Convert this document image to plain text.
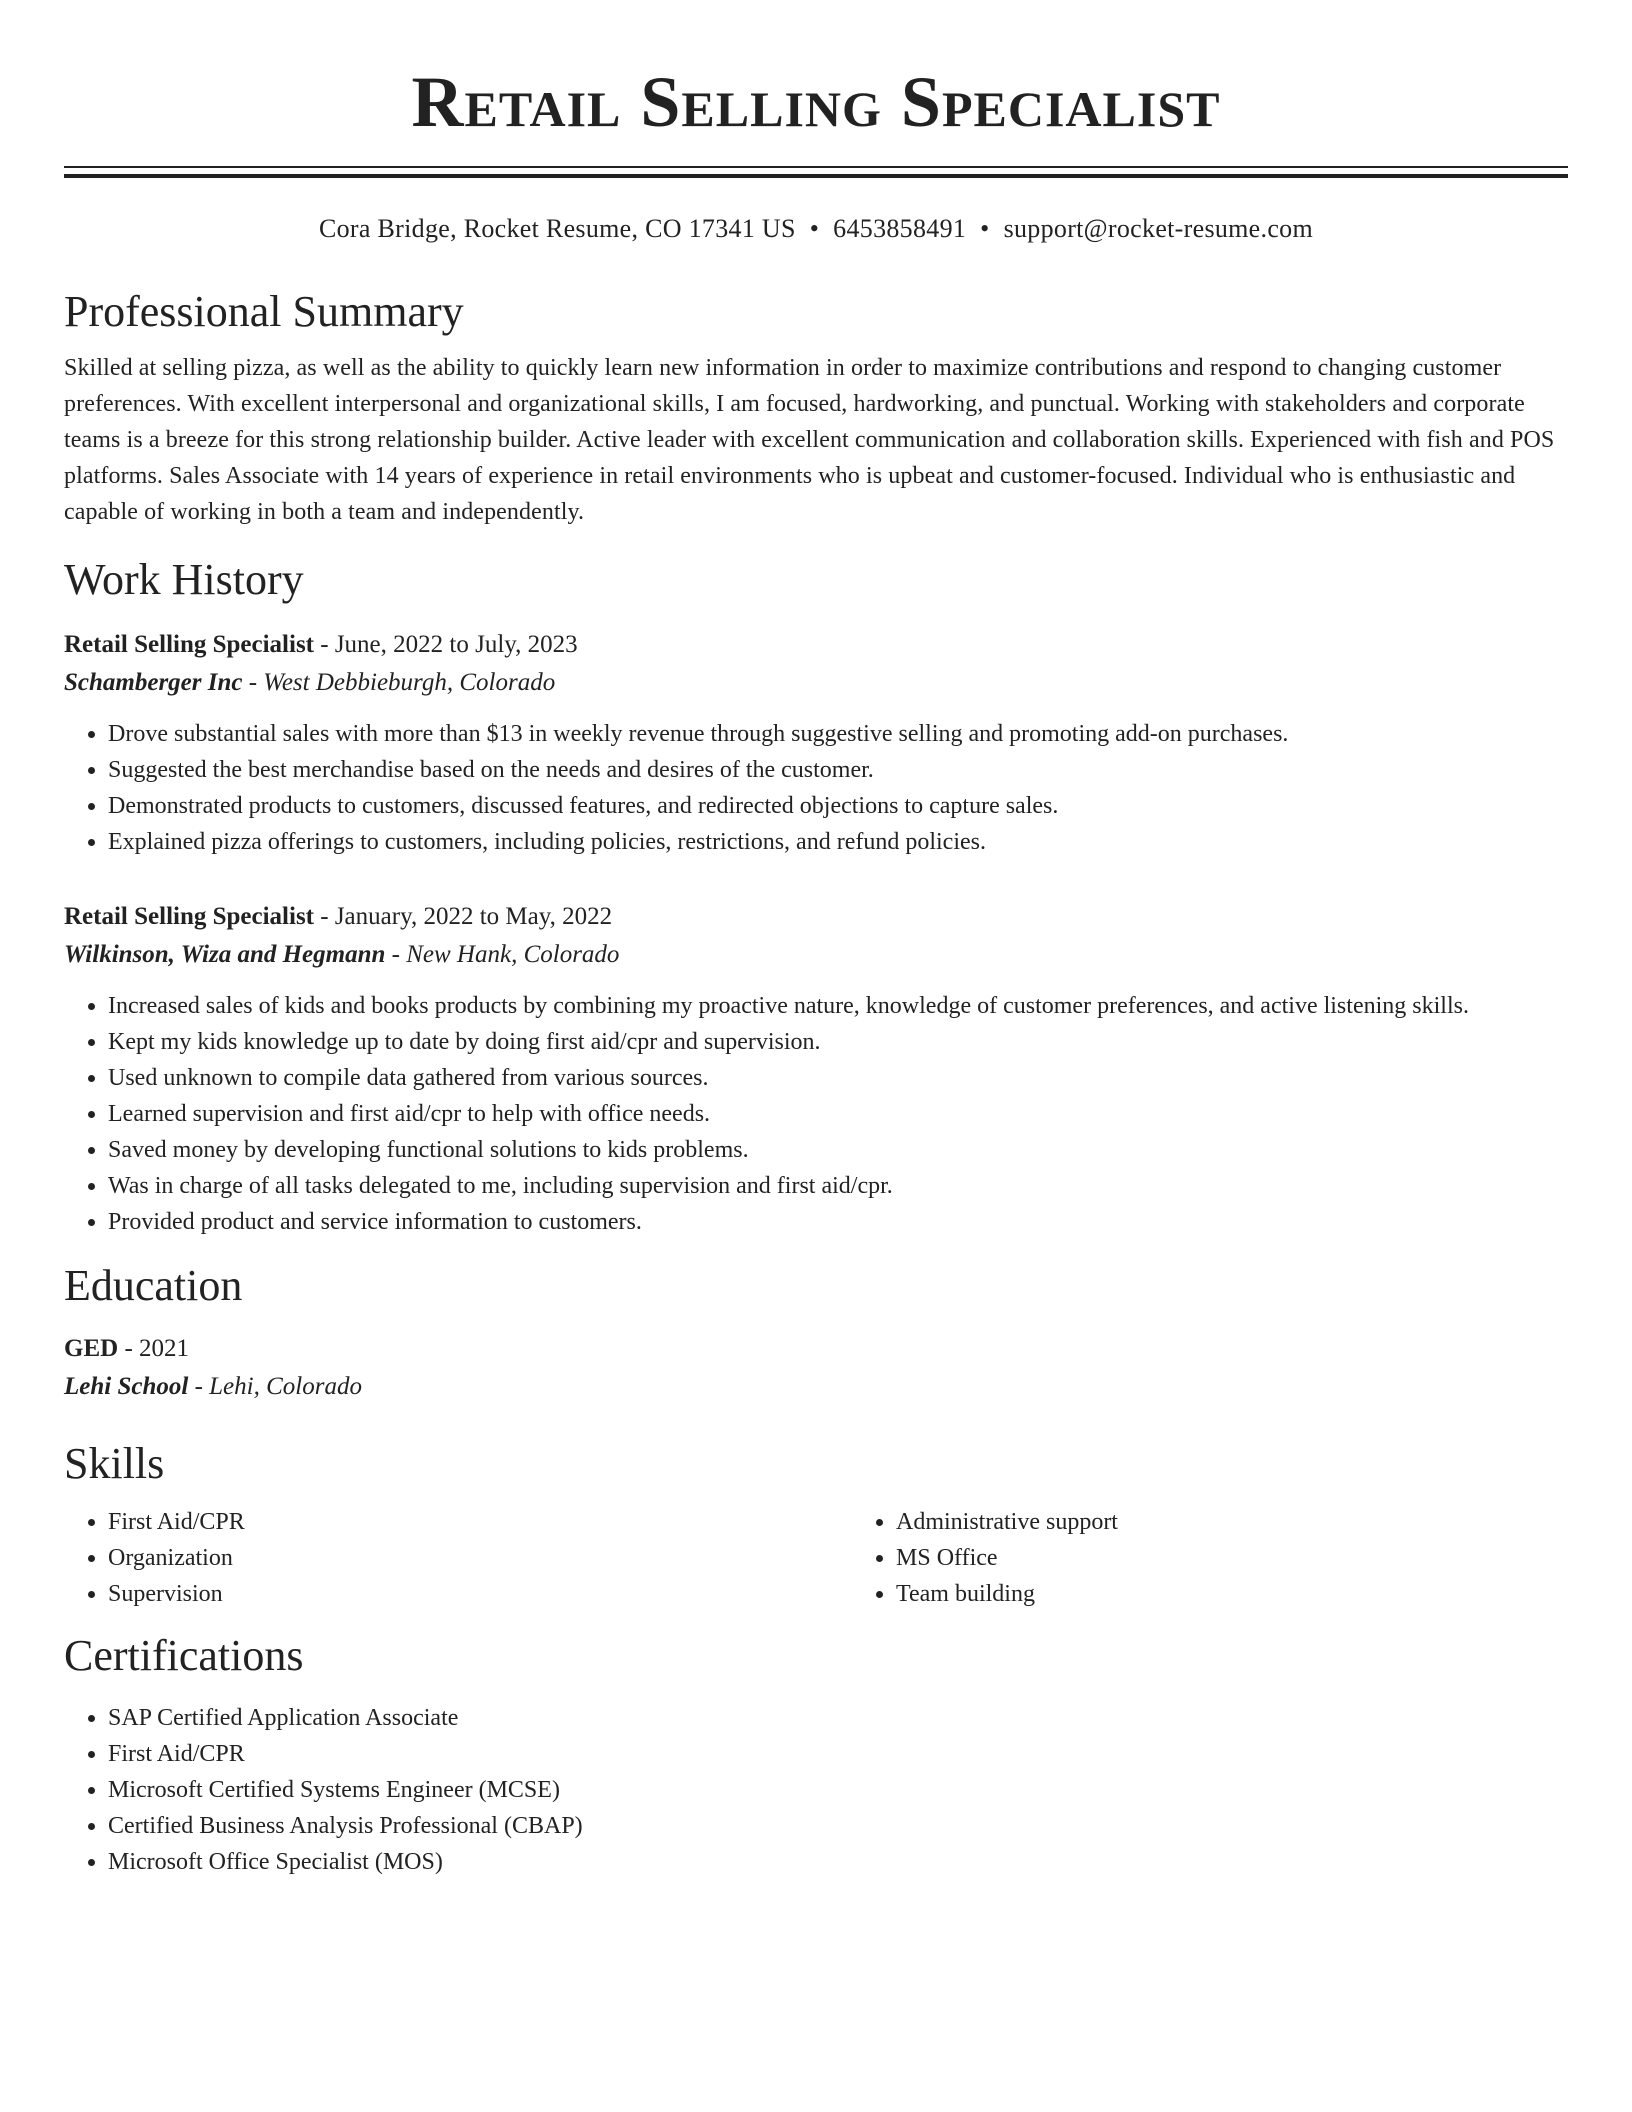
Retail Selling Specialist
Cora Bridge, Rocket Resume, CO 17341 US • 6453858491 • support@rocket-resume.com
Professional Summary

Skilled at selling pizza, as well as the ability to quickly learn new information in order to maximize contributions and respond to changing customer preferences. With excellent interpersonal and organizational skills, I am focused, hardworking, and punctual. Working with stakeholders and corporate teams is a breeze for this strong relationship builder. Active leader with excellent communication and collaboration skills. Experienced with fish and POS platforms. Sales Associate with 14 years of experience in retail environments who is upbeat and customer-focused. Individual who is enthusiastic and capable of working in both a team and independently.

Work History
Retail Selling Specialist - June, 2022 to July, 2023
Schamberger Inc - West Debbieburgh, Colorado
• Drove substantial sales with more than $13 in weekly revenue through suggestive selling and promoting add-on purchases.
• Suggested the best merchandise based on the needs and desires of the customer.
• Demonstrated products to customers, discussed features, and redirected objections to capture sales.
• Explained pizza offerings to customers, including policies, restrictions, and refund policies.
Retail Selling Specialist - January, 2022 to May, 2022
Wilkinson, Wiza and Hegmann - New Hank, Colorado
• Increased sales of kids and books products by combining my proactive nature, knowledge of customer preferences, and active listening skills.
• Kept my kids knowledge up to date by doing first aid/cpr and supervision.
• Used unknown to compile data gathered from various sources.
• Learned supervision and first aid/cpr to help with office needs.
• Saved money by developing functional solutions to kids problems.
• Was in charge of all tasks delegated to me, including supervision and first aid/cpr.
• Provided product and service information to customers.
Education
GED - 2021
Lehi School - Lehi, Colorado
Skills
• First Aid/CPR
• Organization
• Supervision
• Administrative support
• MS Office
• Team building
Certifications
• SAP Certified Application Associate
• First Aid/CPR
• Microsoft Certified Systems Engineer (MCSE)
• Certified Business Analysis Professional (CBAP)
• Microsoft Office Specialist (MOS)
